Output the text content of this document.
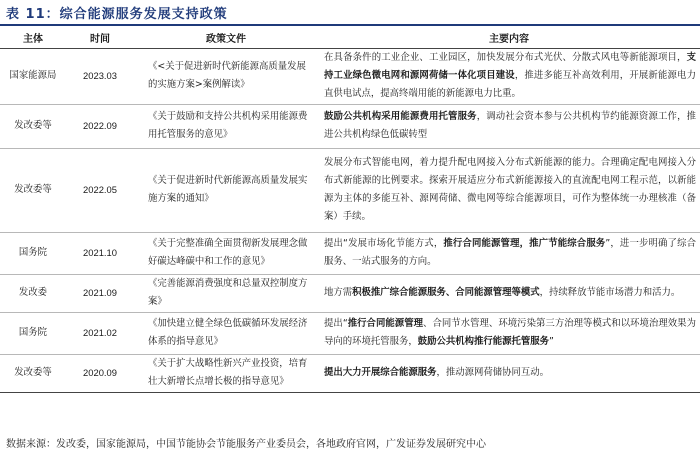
表 11：综合能源服务发展支持政策
主体	时间	政策文件	主要内容
国家能源局	2023.03	《<关于促进新时代新能源高质量发展的实施方案>案例解读》	在具备条件的工业企业、工业园区，加快发展分布式光伏、分散式风电等新能源项目，支持工业绿色微电网和源网荷储一体化项目建设，推进多能互补高效利用，开展新能源电力直供电试点，提高终端用能的新能源电力比重。
发改委等	2022.09	《关于鼓励和支持公共机构采用能源费用托管服务的意见》	鼓励公共机构采用能源费用托管服务，调动社会资本参与公共机构节约能源资源工作，推进公共机构绿色低碳转型
发改委等	2022.05	《关于促进新时代新能源高质量发展实施方案的通知》	发展分布式智能电网，着力提升配电网接入分布式新能源的能力。合理确定配电网接入分布式新能源的比例要求。探索开展适应分布式新能源接入的直流配电网工程示范，以新能源为主体的多能互补、源网荷储、微电网等综合能源项目，可作为整体统一办理核准（备案）手续。
国务院	2021.10	《关于完整准确全面贯彻新发展理念做好碳达峰碳中和工作的意见》	提出“发展市场化节能方式，推行合同能源管理，推广节能综合服务”，进一步明确了综合服务、一站式服务的方向。
发改委	2021.09	《完善能源消费强度和总量双控制度方案》	地方需积极推广综合能源服务、合同能源管理等模式，持续释放节能市场潜力和活力。
国务院	2021.02	《加快建立健全绿色低碳循环发展经济体系的指导意见》	提出“推行合同能源管理、合同节水管理、环境污染第三方治理等模式和以环境治理效果为导向的环境托管服务，鼓励公共机构推行能源托管服务”
发改委等	2020.09	《关于扩大战略性新兴产业投资，培育壮大新增长点增长极的指导意见》	提出大力开展综合能源服务，推动源网荷储协同互动。
数据来源：发改委，国家能源局，中国节能协会节能服务产业委员会，各地政府官网，广发证券发展研究中心
